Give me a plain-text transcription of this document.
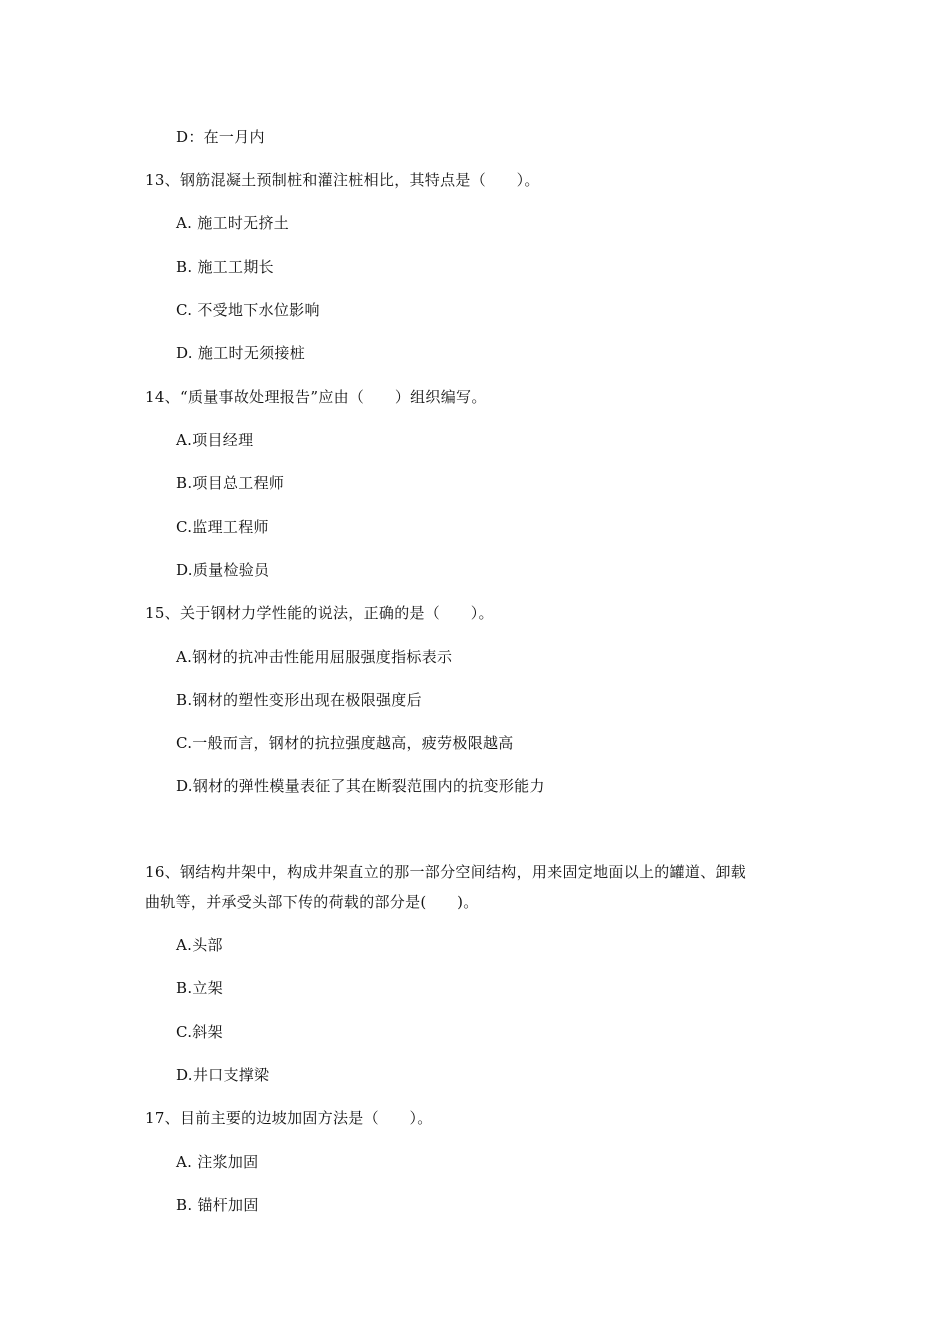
D：在一月内
13、钢筋混凝土预制桩和灌注桩相比，其特点是（　　）。
A. 施工时无挤土
B. 施工工期长
C. 不受地下水位影响
D. 施工时无须接桩
14、“质量事故处理报告”应由（　　）组织编写。
A.项目经理
B.项目总工程师
C.监理工程师
D.质量检验员
15、关于钢材力学性能的说法，正确的是（　　）。
A.钢材的抗冲击性能用屈服强度指标表示
B.钢材的塑性变形出现在极限强度后
C.一般而言，钢材的抗拉强度越高，疲劳极限越高
D.钢材的弹性模量表征了其在断裂范围内的抗变形能力
16、钢结构井架中，构成井架直立的那一部分空间结构，用来固定地面以上的罐道、卸载
曲轨等，并承受头部下传的荷载的部分是(　　)。
A.头部
B.立架
C.斜架
D.井口支撑梁
17、目前主要的边坡加固方法是（　　）。
A. 注浆加固
B. 锚杆加固
